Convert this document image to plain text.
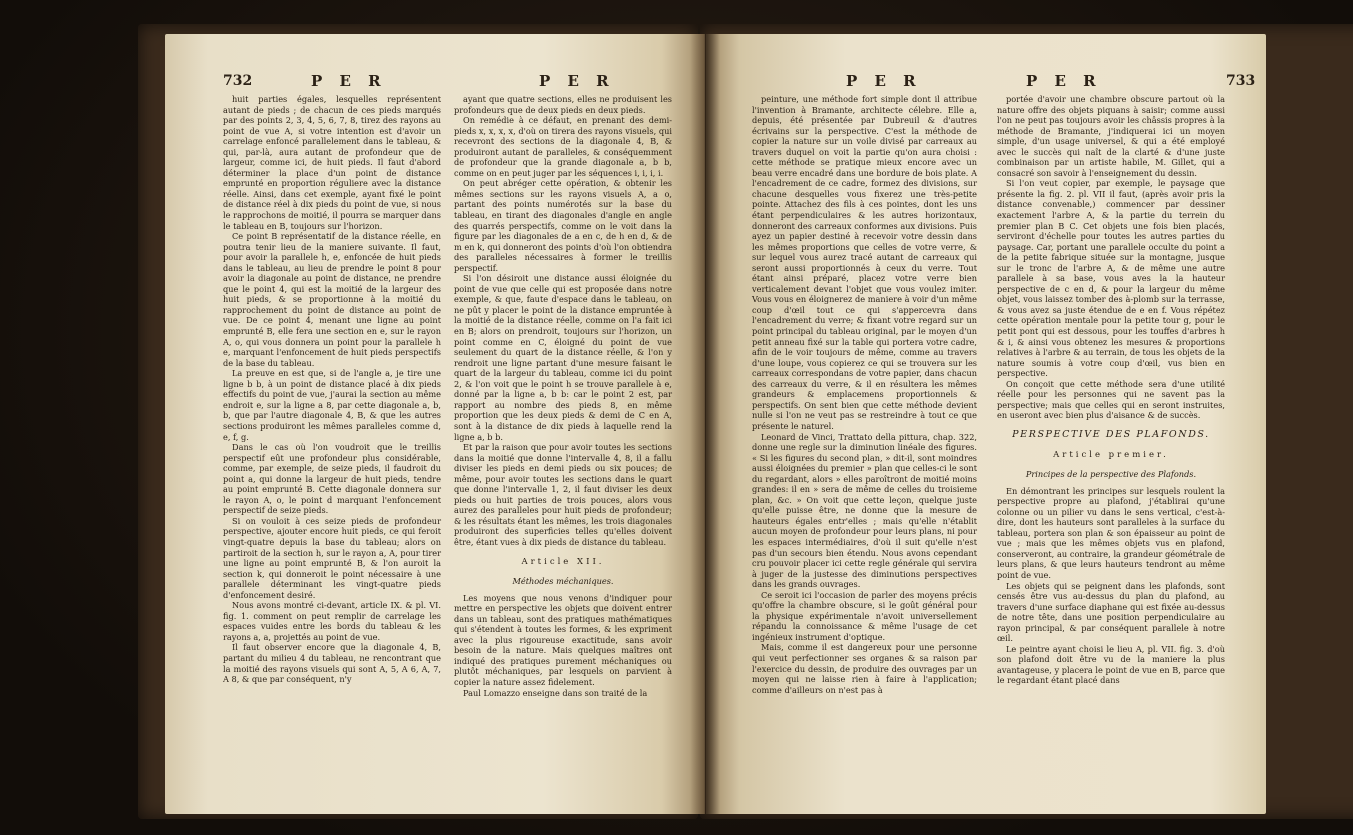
732	P E R	P E R

huit parties égales, lesquelles représentent autant de pieds ; de chacun de ces pieds marqués par des points 2, 3, 4, 5, 6, 7, 8, tirez des rayons au point de vue A, si votre intention est d'avoir un carrelage enfoncé parallelement dans le tableau, & qui, par-là, aura autant de profondeur que de largeur, comme ici, de huit pieds. Il faut d'abord déterminer la place d'un point de distance emprunté en proportion réguliere avec la distance réelle. Ainsi, dans cet exemple, ayant fixé le point de distance réel à dix pieds du point de vue, si nous le rapprochons de moitié, il pourra se marquer dans le tableau en B, toujours sur l'horizon.

Ce point B représentatif de la distance réelle, en poutra tenir lieu de la maniere suivante. Il faut, pour avoir la parallele h, e, enfoncée de huit pieds dans le tableau, au lieu de prendre le point 8 pour avoir la diagonale au point de distance, ne prendre que le point 4, qui est la moitié de la largeur des huit pieds, & se proportionne à la moitié du rapprochement du point de distance au point de vue. De ce point 4, menant une ligne au point emprunté B, elle fera une section en e, sur le rayon A, o, qui vous donnera un point pour la parallele h e, marquant l'enfoncement de huit pieds perspectifs de la base du tableau.

La preuve en est que, si de l'angle a, je tire une ligne b b, à un point de distance placé à dix pieds effectifs du point de vue, j'aurai la section au même endroit e, sur la ligne a 8, par cette diagonale a, b, b, que par l'autre diagonale 4, B, & que les autres sections produiront les mêmes paralleles comme d, e, f, g.

Dans le cas où l'on voudroit que le treillis perspectif eût une profondeur plus considérable, comme, par exemple, de seize pieds, il faudroit du point a, qui donne la largeur de huit pieds, tendre au point emprunté B. Cette diagonale donnera sur le rayon A, o, le point d marquant l'enfoncement perspectif de seize pieds.

Si on vouloit à ces seize pieds de profondeur perspective, ajouter encore huit pieds, ce qui feroit vingt-quatre depuis la base du tableau; alors on partiroit de la section h, sur le rayon a, A, pour tirer une ligne au point emprunté B, & l'on auroit la section k, qui donneroit le point nécessaire à une parallele déterminant les vingt-quatre pieds d'enfoncement desiré.

Nous avons montré ci-devant, article IX. & pl. VI. fig. 1. comment on peut remplir de carrelage les espaces vuides entre les bords du tableau & les rayons a, a, projettés au point de vue.

Il faut observer encore que la diagonale 4, B, partant du milieu 4 du tableau, ne rencontrant que la moitié des rayons visuels qui sont A, 5, A 6, A, 7, A 8, & que par conséquent, n'y

ayant que quatre sections, elles ne produisent les profondeurs que de deux pieds en deux pieds.

On remédie à ce défaut, en prenant des demi-pieds x, x, x, x, d'où on tirera des rayons visuels, qui recevront des sections de la diagonale 4, B, & produiront autant de paralleles, & conséquemment de profondeur que la grande diagonale a, b b, comme on en peut juger par les séquences i, i, i, i.

On peut abréger cette opération, & obtenir les mêmes sections sur les rayons visuels A, a o, partant des points numérotés sur la base du tableau, en tirant des diagonales d'angle en angle des quarrés perspectifs, comme on le voit dans la figure par les diagonales de a en c, de h en d, & de m en k, qui donneront des points d'où l'on obtiendra des paralleles nécessaires à former le treillis perspectif.

Si l'on désiroit une distance aussi éloignée du point de vue que celle qui est proposée dans notre exemple, & que, faute d'espace dans le tableau, on ne pût y placer le point de la distance empruntée à la moitié de la distance réelle, comme on l'a fait ici en B; alors on prendroit, toujours sur l'horizon, un point comme en C, éloigné du point de vue seulement du quart de la distance réelle, & l'on y rendroit une ligne partant d'une mesure faisant le quart de la largeur du tableau, comme ici du point 2, & l'on voit que le point h se trouve parallele à e, donné par la ligne a, b b: car le point 2 est, par rapport au nombre des pieds 8, en même proportion que les deux pieds & demi de C en A, sont à la distance de dix pieds à laquelle rend la ligne a, b b.

Et par la raison que pour avoir toutes les sections dans la moitié que donne l'intervalle 4, 8, il a fallu diviser les pieds en demi pieds ou six pouces; de même, pour avoir toutes les sections dans le quart que donne l'intervalle 1, 2, il faut diviser les deux pieds ou huit parties de trois pouces, alors vous aurez des paralleles pour huit pieds de profondeur; & les résultats étant les mêmes, les trois diagonales produiront des superficies telles qu'elles doivent être, étant vues à dix pieds de distance du tableau.

Article XII.

Méthodes méchaniques.

Les moyens que nous venons d'indiquer pour mettre en perspective les objets que doivent entrer dans un tableau, sont des pratiques mathématiques qui s'étendent à toutes les formes, & les expriment avec la plus rigoureuse exactitude, sans avoir besoin de la nature. Mais quelques maîtres ont indiqué des pratiques purement méchaniques ou plutôt méchaniques, par lesquels on parvient à copier la nature assez fidelement.

Paul Lomazzo enseigne dans son traité de la

P E R	P E R	733

peinture, une méthode fort simple dont il attribue l'invention à Bramante, architecte célebre. Elle a, depuis, été présentée par Dubreuil & d'autres écrivains sur la perspective. C'est la méthode de copier la nature sur un voile divisé par carreaux au travers duquel on voit la partie qu'on aura choisi : cette méthode se pratique mieux encore avec un beau verre encadré dans une bordure de bois plate. A l'encadrement de ce cadre, formez des divisions, sur chacune desquelles vous fixerez une très-petite pointe. Attachez des fils à ces pointes, dont les uns étant perpendiculaires & les autres horizontaux, donneront des carreaux conformes aux divisions. Puis ayez un papier destiné à recevoir votre dessin dans les mêmes proportions que celles de votre verre, & sur lequel vous aurez tracé autant de carreaux qui seront aussi proportionnés à ceux du verre. Tout étant ainsi préparé, placez votre verre bien verticalement devant l'objet que vous voulez imiter. Vous vous en éloignerez de maniere à voir d'un même coup d'œil tout ce qui s'appercevra dans l'encadrement du verre; & fixant votre regard sur un point principal du tableau original, par le moyen d'un petit anneau fixé sur la table qui portera votre cadre, afin de le voir toujours de même, comme au travers d'une loupe, vous copierez ce qui se trouvera sur les carreaux correspondans de votre papier, dans chacun des carreaux du verre, & il en résultera les mêmes grandeurs & emplacemens proportionnels & perspectifs. On sent bien que cette méthode devient nulle si l'on ne veut pas se restreindre à tout ce que présente le naturel.

Leonard de Vinci, Trattato della pittura, chap. 322, donne une regle sur la diminution linéale des figures. « Si les figures du second plan, » dit-il, sont moindres aussi éloignées du premier » plan que celles-ci le sont du regardant, alors » elles paroîtront de moitié moins grandes: il en » sera de même de celles du troisieme plan, &c. » On voit que cette leçon, quelque juste qu'elle puisse être, ne donne que la mesure de hauteurs égales entr'elles ; mais qu'elle n'établit aucun moyen de profondeur pour leurs plans, ni pour les espaces intermédiaires, d'où il suit qu'elle n'est pas d'un secours bien étendu. Nous avons cependant cru pouvoir placer ici cette regle générale qui servira à juger de la justesse des diminutions perspectives dans les grands ouvrages.

Ce seroit ici l'occasion de parler des moyens précis qu'offre la chambre obscure, si le goût général pour la physique expérimentale n'avoit universellement répandu la connoissance & même l'usage de cet ingénieux instrument d'optique.

Mais, comme il est dangereux pour une personne qui veut perfectionner ses organes & sa raison par l'exercice du dessin, de produire des ouvrages par un moyen qui ne laisse rien à faire à l'application; comme d'ailleurs on n'est pas à

portée d'avoir une chambre obscure partout où la nature offre des objets piquans à saisir; comme aussi l'on ne peut pas toujours avoir les châssis propres à la méthode de Bramante, j'indiquerai ici un moyen simple, d'un usage universel, & qui a été employé avec le succès qui naît de la clarté & d'une juste combinaison par un artiste habile, M. Gillet, qui a consacré son savoir à l'enseignement du dessin.

Si l'on veut copier, par exemple, le paysage que présente la fig. 2. pl. VII il faut, (après avoir pris la distance convenable,) commencer par dessiner exactement l'arbre A, & la partie du terrein du premier plan B C. Cet objets une fois bien placés, serviront d'échelle pour toutes les autres parties du paysage. Car, portant une parallele occulte du point a de la petite fabrique située sur la montagne, jusque sur le tronc de l'arbre A, & de même une autre parallele à sa base, vous aves la la hauteur perspective de c en d, & pour la largeur du même objet, vous laissez tomber des à-plomb sur la terrasse, & vous avez sa juste étendue de e en f. Vous répétez cette opération mentale pour la petite tour g, pour le petit pont qui est dessous, pour les touffes d'arbres h & i, & ainsi vous obtenez les mesures & proportions relatives à l'arbre & au terrain, de tous les objets de la nature soumis à votre coup d'œil, vus bien en perspective.

On conçoit que cette méthode sera d'une utilité réelle pour les personnes qui ne savent pas la perspective; mais que celles qui en seront instruites, en useront avec bien plus d'aisance & de succès.

PERSPECTIVE DES PLAFONDS.

Article premier.

Principes de la perspective des Plafonds.

En démontrant les principes sur lesquels roulent la perspective propre au plafond, j'établirai qu'une colonne ou un pilier vu dans le sens vertical, c'est-à-dire, dont les hauteurs sont paralleles à la surface du tableau, portera son plan & son épaisseur au point de vue ; mais que les mêmes objets vus en plafond, conserveront, au contraire, la grandeur géométrale de leurs plans, & que leurs hauteurs tendront au même point de vue.

Les objets qui se peignent dans les plafonds, sont censés être vus au-dessus du plan du plafond, au travers d'une surface diaphane qui est fixée au-dessus de notre tête, dans une position perpendiculaire au rayon principal, & par conséquent parallele à notre œil.

Le peintre ayant choisi le lieu A, pl. VII. fig. 3. d'où son plafond doit être vu de la maniere la plus avantageuse, y placera le point de vue en B, parce que le regardant étant placé dans
